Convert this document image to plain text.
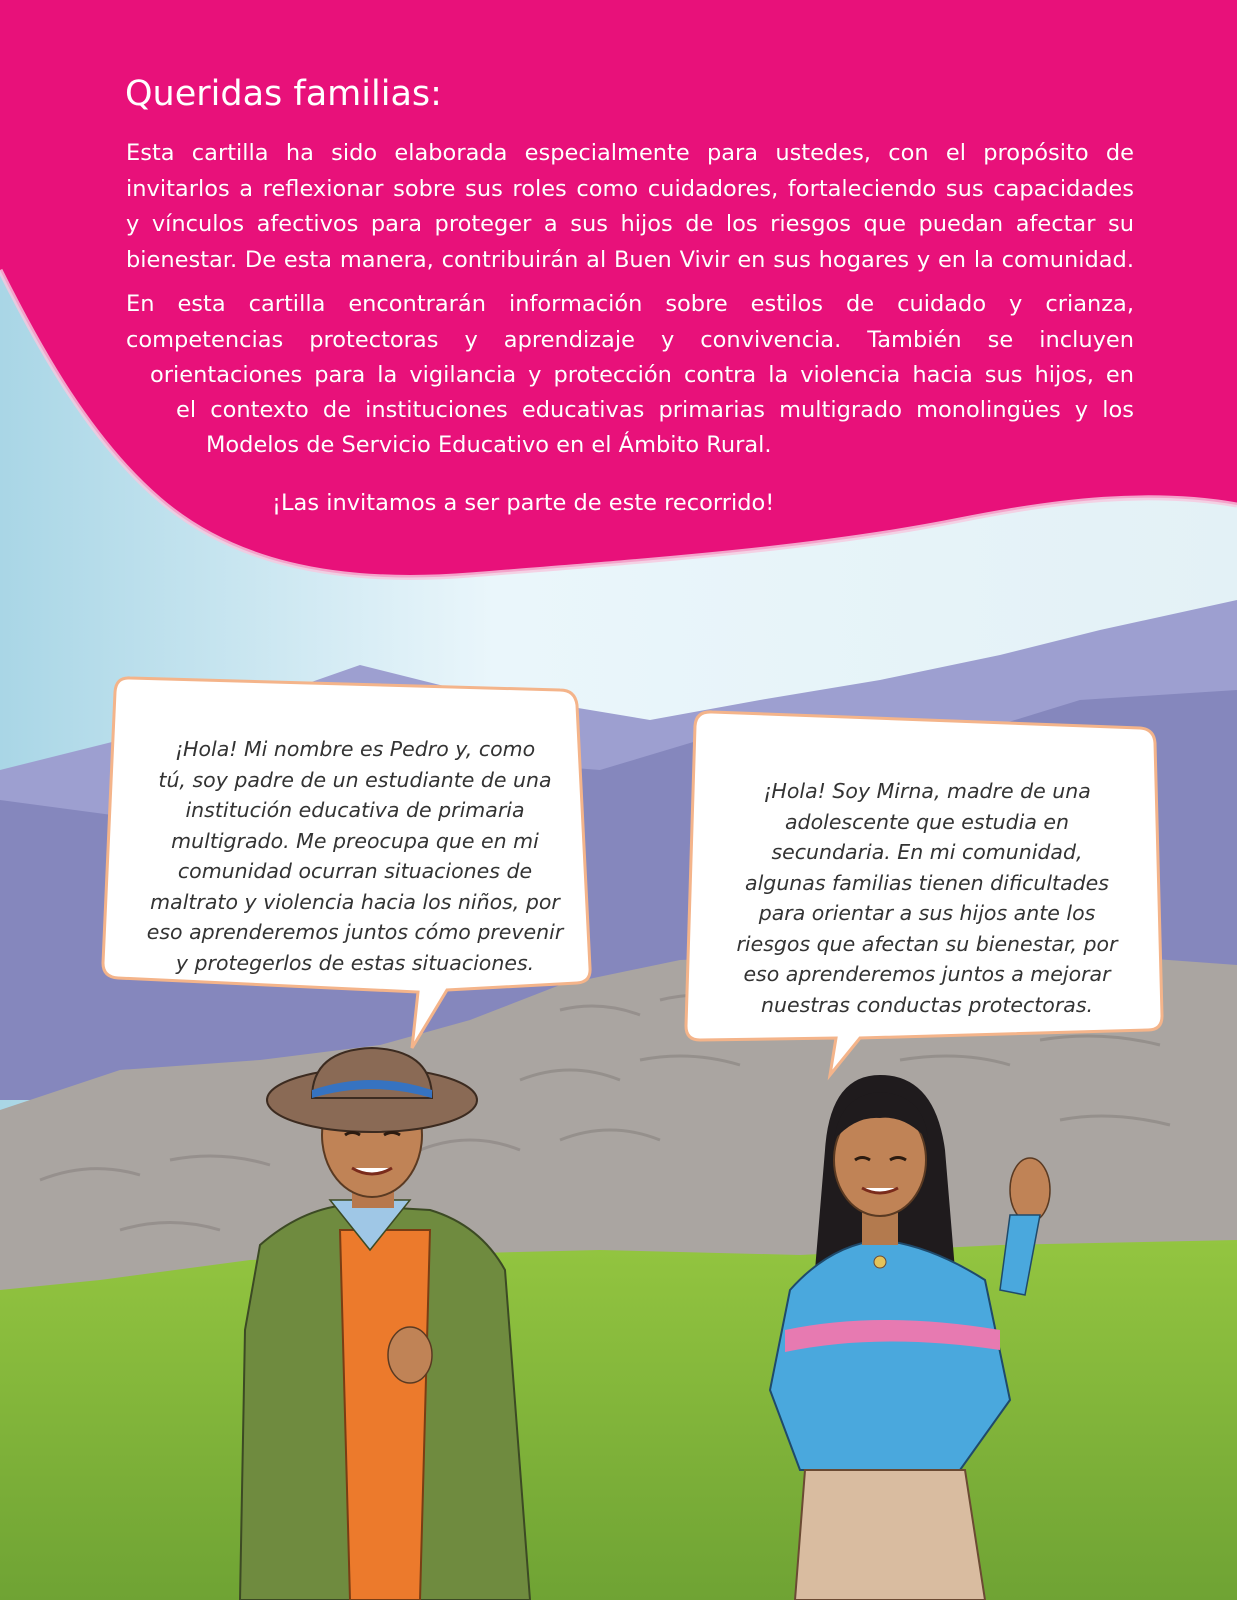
Queridas familias:
Esta cartilla ha sido elaborada especialmente para ustedes, con el propósito de
invitarlos a reflexionar sobre sus roles como cuidadores, fortaleciendo sus capacidades
y vínculos afectivos para proteger a sus hijos de los riesgos que puedan afectar su
bienestar. De esta manera, contribuirán al Buen Vivir en sus hogares y en la comunidad.
En esta cartilla encontrarán información sobre estilos de cuidado y crianza,
competencias protectoras y aprendizaje y convivencia. También se incluyen
orientaciones para la vigilancia y protección contra la violencia hacia sus hijos, en
el contexto de instituciones educativas primarias multigrado monolingües y los
Modelos de Servicio Educativo en el Ámbito Rural.

¡Las invitamos a ser parte de este recorrido!

¡Hola! Mi nombre es Pedro y, como
tú, soy padre de un estudiante de una
institución educativa de primaria
multigrado. Me preocupa que en mi
comunidad ocurran situaciones de
maltrato y violencia hacia los niños, por
eso aprenderemos juntos cómo prevenir
y protegerlos de estas situaciones.
¡Hola! Soy Mirna, madre de una
adolescente que estudia en
secundaria. En mi comunidad,
algunas familias tienen dificultades
para orientar a sus hijos ante los
riesgos que afectan su bienestar, por
eso aprenderemos juntos a mejorar
nuestras conductas protectoras.
